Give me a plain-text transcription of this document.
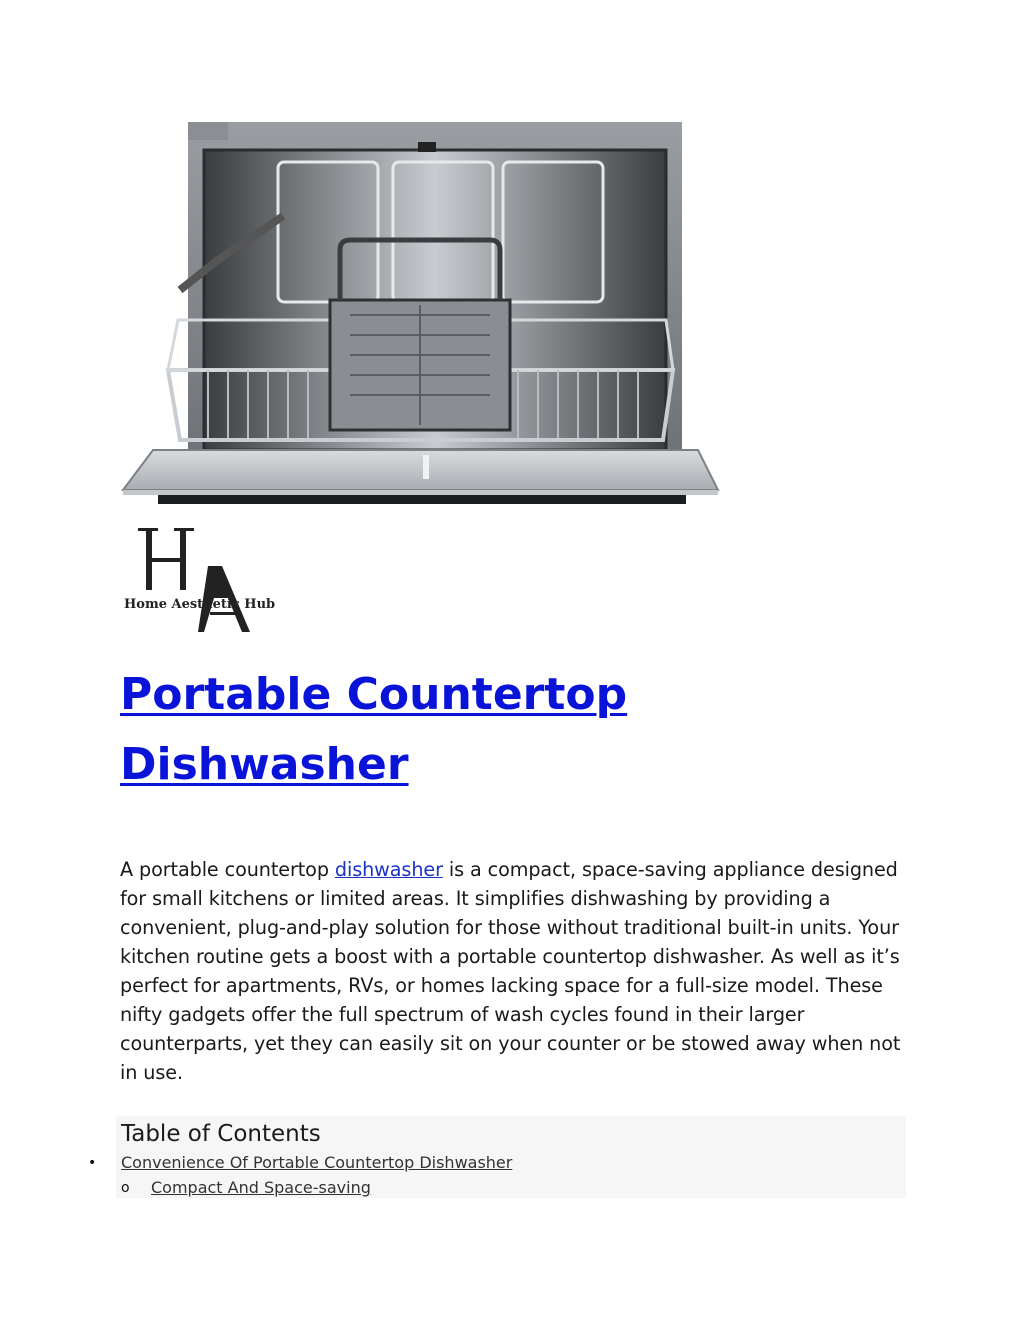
Home Aesthetic Hub
Portable Countertop Dishwasher

A portable countertop dishwasher is a compact, space-saving appliance designed for small kitchens or limited areas. It simplifies dishwashing by providing a convenient, plug-and-play solution for those without traditional built-in units. Your kitchen routine gets a boost with a portable countertop dishwasher. As well as it’s perfect for apartments, RVs, or homes lacking space for a full-size model. These nifty gadgets offer the full spectrum of wash cycles found in their larger counterparts, yet they can easily sit on your counter or be stowed away when not in use.

Table of Contents
• Convenience Of Portable Countertop Dishwasher
o Compact And Space-saving
